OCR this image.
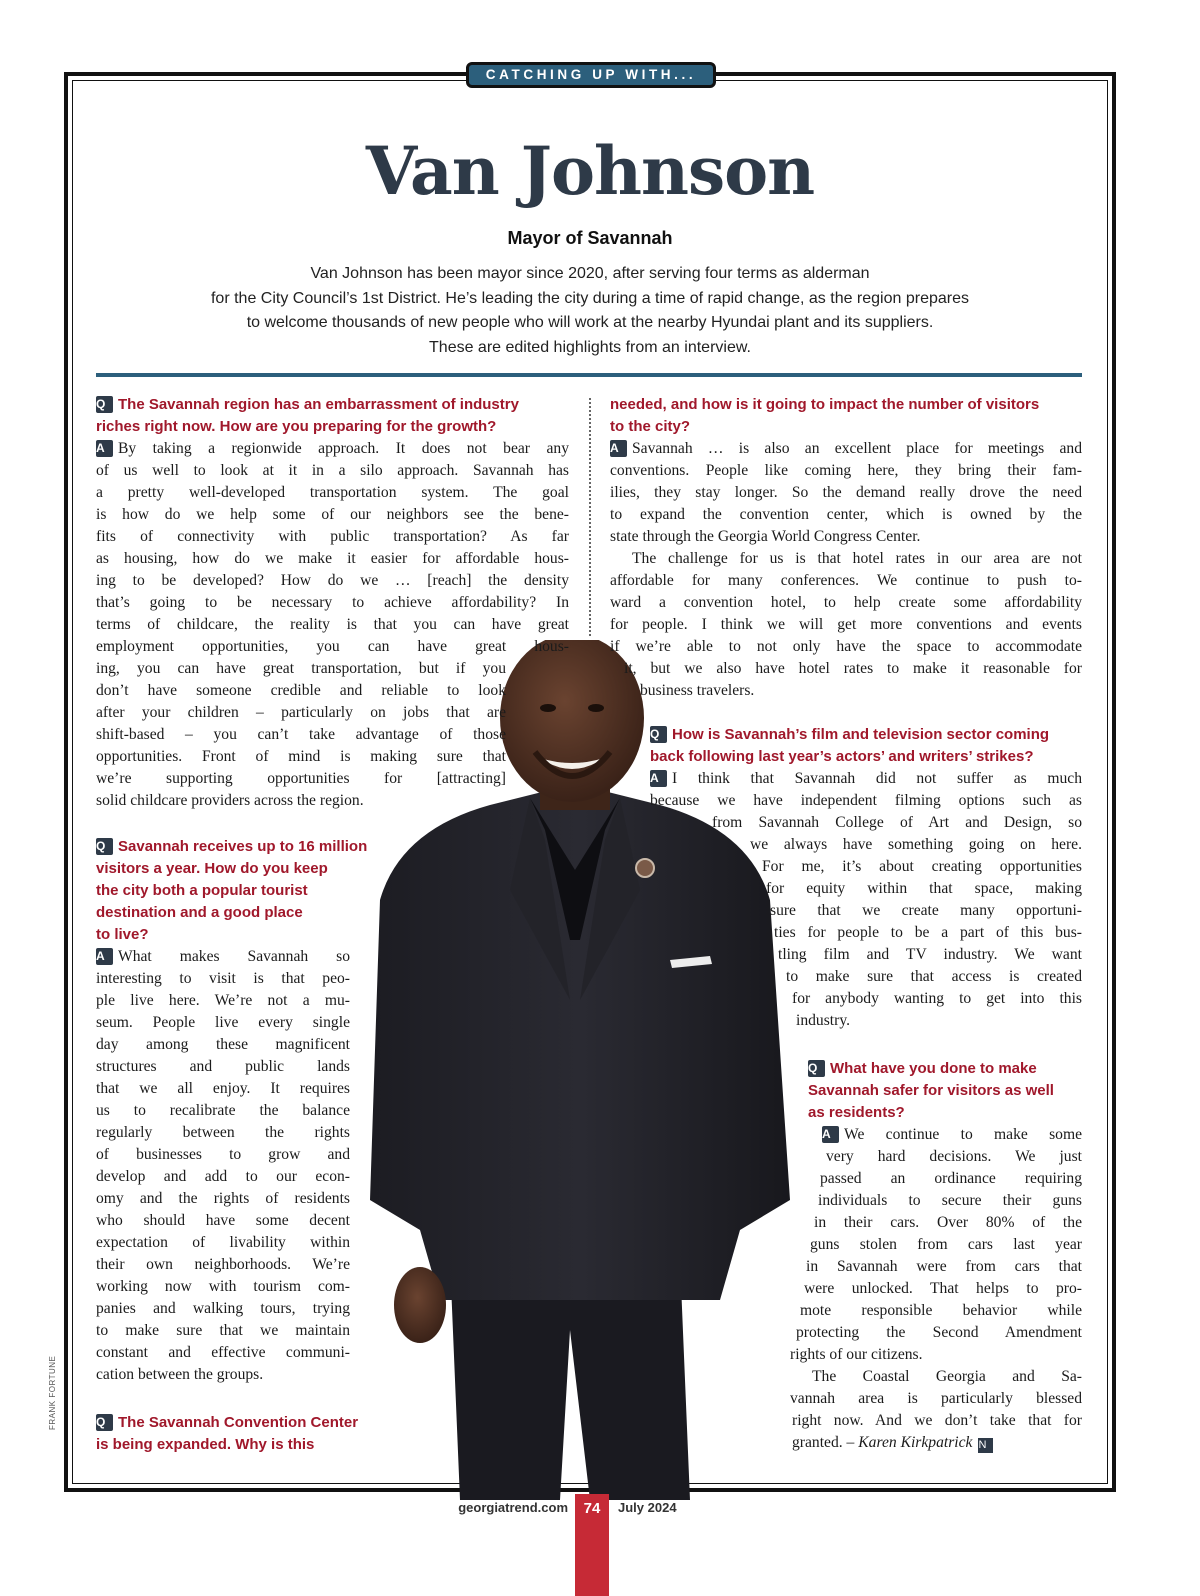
CATCHING UP WITH...
Van Johnson
Mayor of Savannah
Van Johnson has been mayor since 2020, after serving four terms as alderman
for the City Council’s 1st District. He’s leading the city during a time of rapid change, as the region prepares
to welcome thousands of new people who will work at the nearby Hyundai plant and its suppliers.
These are edited highlights from an interview.
Q The Savannah region has an embarrassment of industry
riches right now. How are you preparing for the growth?
A By taking a regionwide approach. It does not bear any
of us well to look at it in a silo approach. Savannah has
a pretty well-developed transportation system. The goal
is how do we help some of our neighbors see the bene-
fits of connectivity with public transportation? As far
as housing, how do we make it easier for affordable hous-
ing to be developed? How do we … [reach] the density
that’s going to be necessary to achieve affordability? In
terms of childcare, the reality is that you can have great
employment opportunities, you can have great hous-
ing, you can have great transportation, but if you
don’t have someone credible and reliable to look
after your children – particularly on jobs that are
shift-based – you can’t take advantage of those
opportunities. Front of mind is making sure that
we’re supporting opportunities for [attracting]
solid childcare providers across the region.
Q Savannah receives up to 16 million
visitors a year. How do you keep
the city both a popular tourist
destination and a good place
to live?
A What makes Savannah so
interesting to visit is that peo-
ple live here. We’re not a mu-
seum. People live every single
day among these magnificent
structures and public lands
that we all enjoy. It requires
us to recalibrate the balance
regularly between the rights
of businesses to grow and
develop and add to our econ-
omy and the rights of residents
who should have some decent
expectation of livability within
their own neighborhoods. We’re
working now with tourism com-
panies and walking tours, trying
to make sure that we maintain
constant and effective communi-
cation between the groups.
Q The Savannah Convention Center
is being expanded. Why is this
needed, and how is it going to impact the number of visitors
to the city?
A Savannah … is also an excellent place for meetings and
conventions. People like coming here, they bring their fam-
ilies, they stay longer. So the demand really drove the need
to expand the convention center, which is owned by the
state through the Georgia World Congress Center.
The challenge for us is that hotel rates in our area are not
affordable for many conferences. We continue to push to-
ward a convention hotel, to help create some affordability
for people. I think we will get more conventions and events
if we’re able to not only have the space to accommodate
it, but we also have hotel rates to make it reasonable for
business travelers.
Q How is Savannah’s film and television sector coming
back following last year’s actors’ and writers’ strikes?
A I think that Savannah did not suffer as much
because we have independent filming options such as
from Savannah College of Art and Design, so
we always have something going on here.
For me, it’s about creating opportunities
for equity within that space, making
sure that we create many opportuni-
ties for people to be a part of this bus-
tling film and TV industry. We want
to make sure that access is created
for anybody wanting to get into this
industry.
Q What have you done to make
Savannah safer for visitors as well
as residents?
A We continue to make some
very hard decisions. We just
passed an ordinance requiring
individuals to secure their guns
in their cars. Over 80% of the
guns stolen from cars last year
in Savannah were from cars that
were unlocked. That helps to pro-
mote responsible behavior while
protecting the Second Amendment
rights of our citizens.
The Coastal Georgia and Sa-
vannah area is particularly blessed
right now. And we don’t take that for
granted. – Karen Kirkpatrick N
FRANK FORTUNE
georgiatrend.com	74	July 2024
